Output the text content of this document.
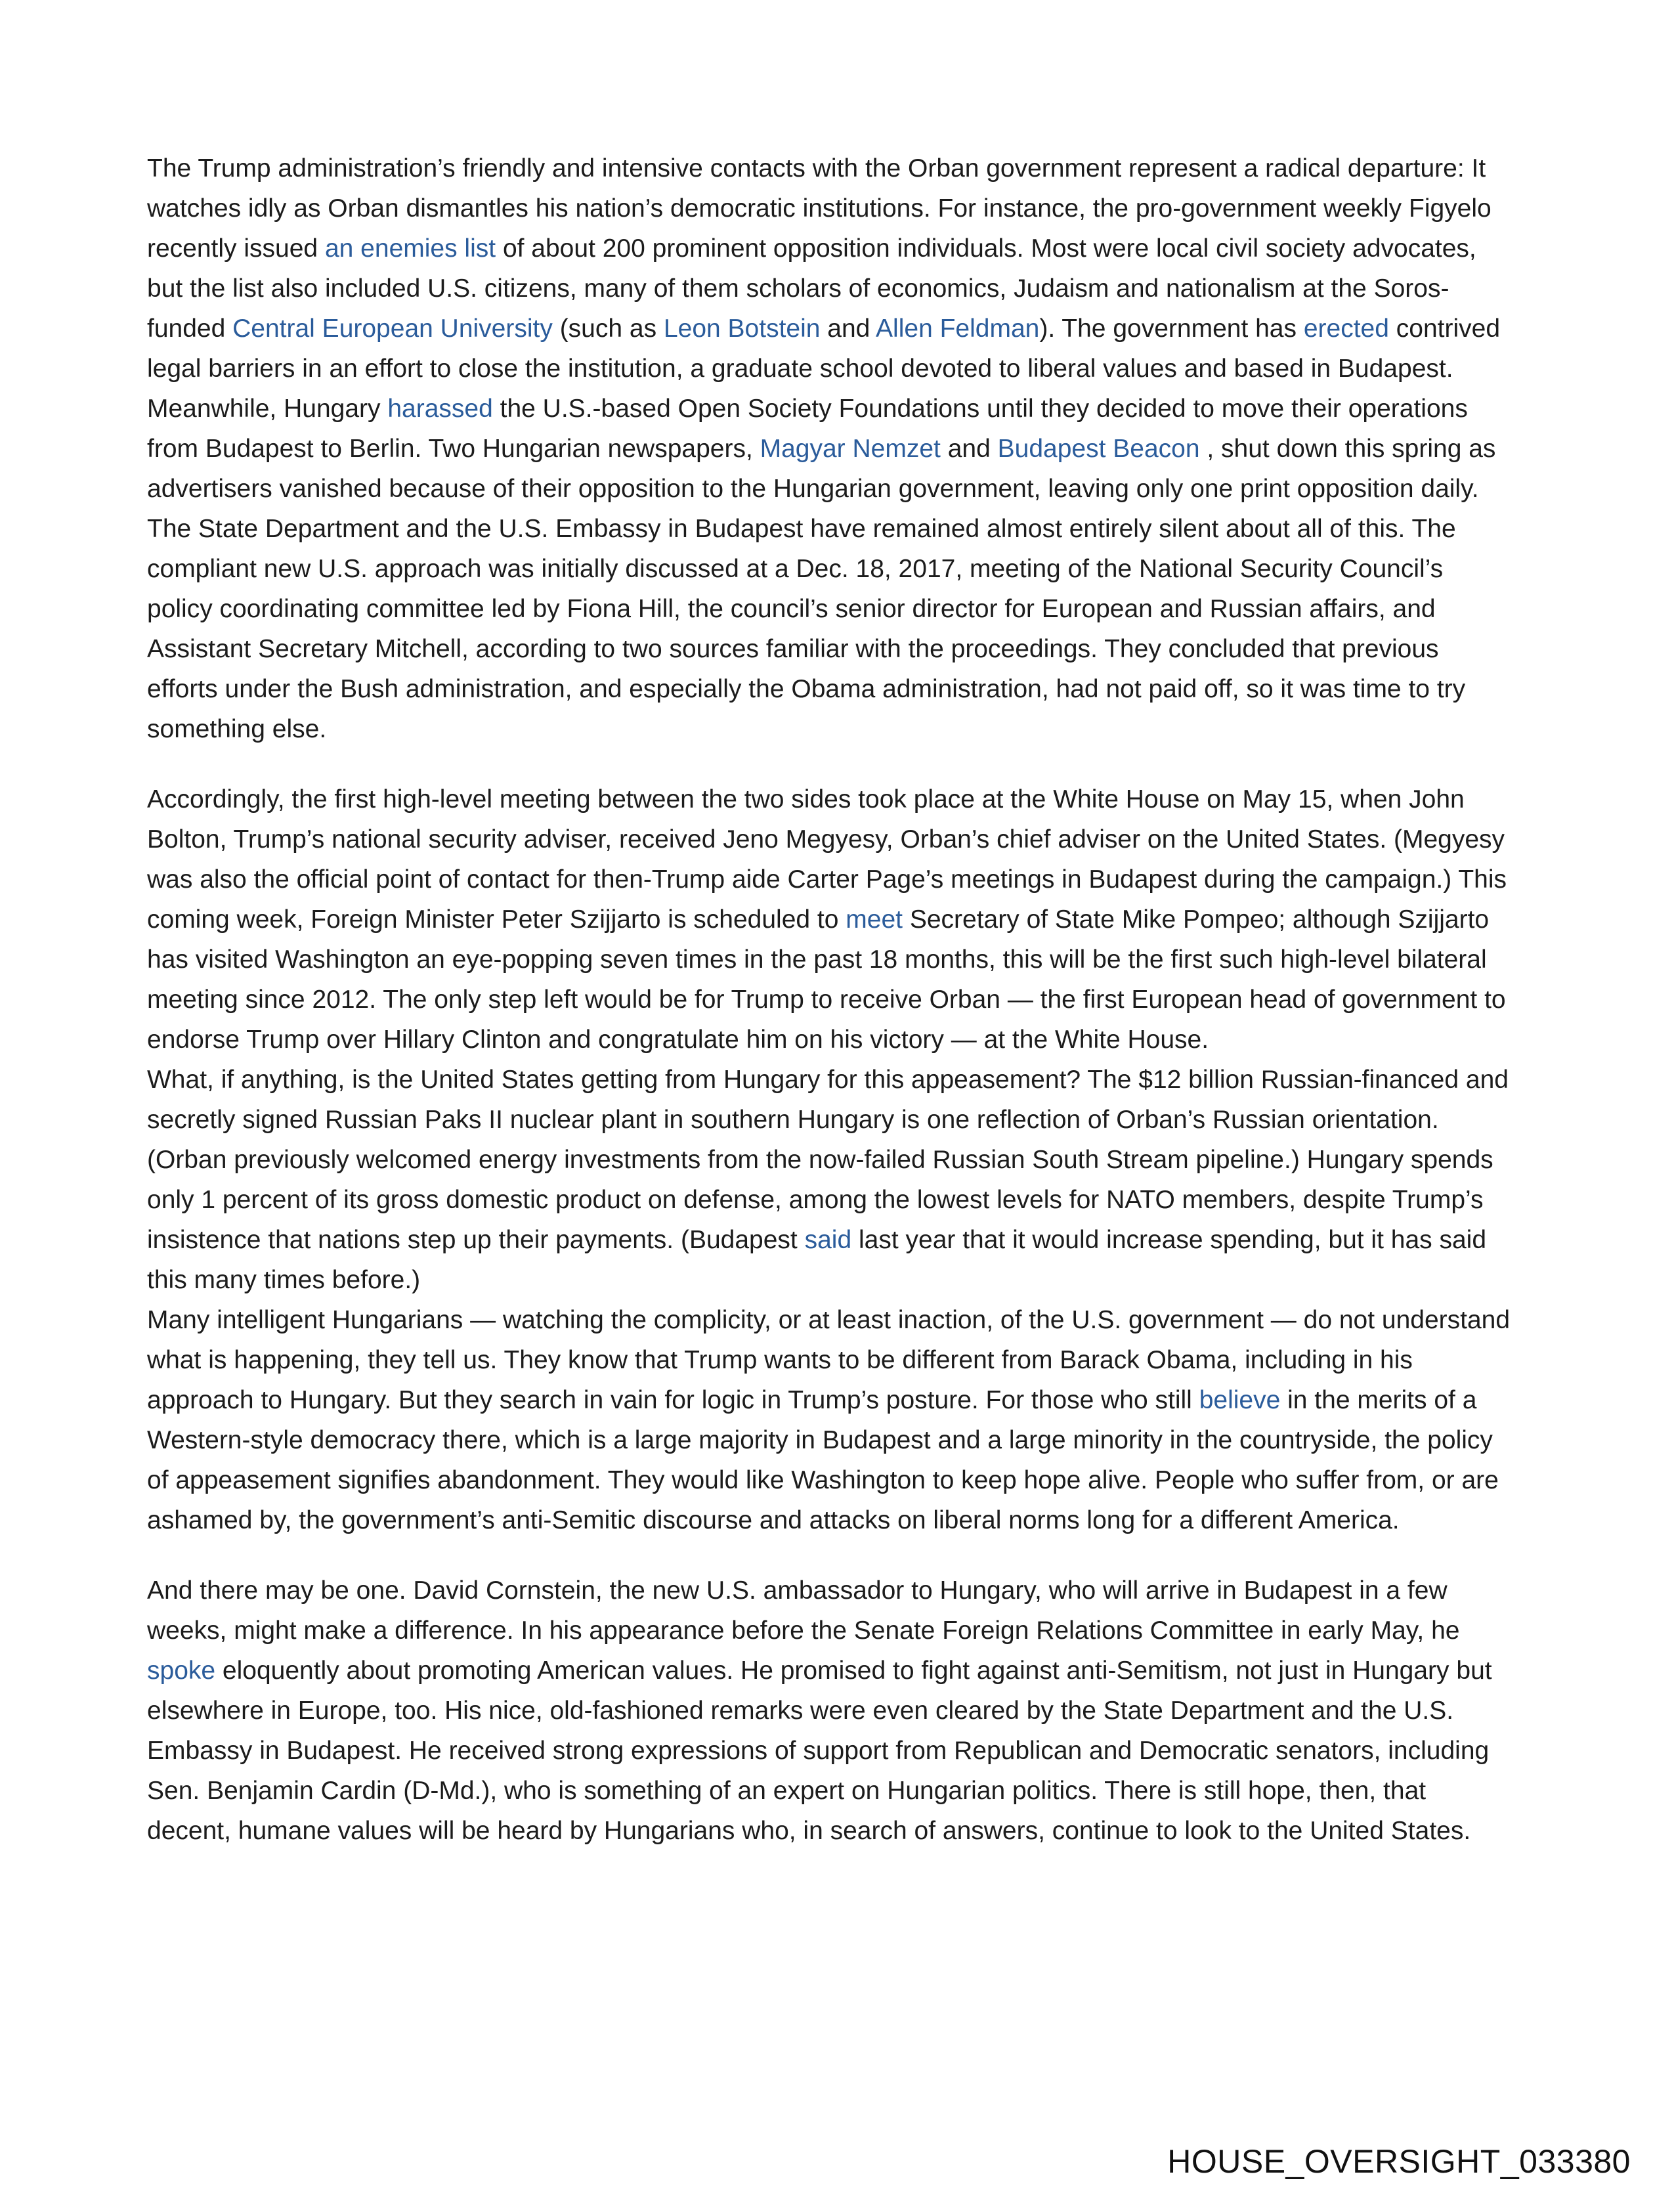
The Trump administration’s friendly and intensive contacts with the Orban government represent a radical departure: It watches idly as Orban dismantles his nation’s democratic institutions. For instance, the pro-government weekly Figyelo recently issued an enemies list of about 200 prominent opposition individuals. Most were local civil society advocates, but the list also included U.S. citizens, many of them scholars of economics, Judaism and nationalism at the Soros-funded Central European University (such as Leon Botstein and Allen Feldman). The government has erected contrived legal barriers in an effort to close the institution, a graduate school devoted to liberal values and based in Budapest. Meanwhile, Hungary harassed the U.S.-based Open Society Foundations until they decided to move their operations from Budapest to Berlin. Two Hungarian newspapers, Magyar Nemzet and Budapest Beacon , shut down this spring as advertisers vanished because of their opposition to the Hungarian government, leaving only one print opposition daily.

The State Department and the U.S. Embassy in Budapest have remained almost entirely silent about all of this. The compliant new U.S. approach was initially discussed at a Dec. 18, 2017, meeting of the National Security Council’s policy coordinating committee led by Fiona Hill, the council’s senior director for European and Russian affairs, and Assistant Secretary Mitchell, according to two sources familiar with the proceedings. They concluded that previous efforts under the Bush administration, and especially the Obama administration, had not paid off, so it was time to try something else.

Accordingly, the first high-level meeting between the two sides took place at the White House on May 15, when John Bolton, Trump’s national security adviser, received Jeno Megyesy, Orban’s chief adviser on the United States. (Megyesy was also the official point of contact for then-Trump aide Carter Page’s meetings in Budapest during the campaign.) This coming week, Foreign Minister Peter Szijjarto is scheduled to meet Secretary of State Mike Pompeo; although Szijjarto has visited Washington an eye-popping seven times in the past 18 months, this will be the first such high-level bilateral meeting since 2012. The only step left would be for Trump to receive Orban — the first European head of government to endorse Trump over Hillary Clinton and congratulate him on his victory — at the White House.

What, if anything, is the United States getting from Hungary for this appeasement? The $12 billion Russian-financed and secretly signed Russian Paks II nuclear plant in southern Hungary is one reflection of Orban’s Russian orientation. (Orban previously welcomed energy investments from the now-failed Russian South Stream pipeline.) Hungary spends only 1 percent of its gross domestic product on defense, among the lowest levels for NATO members, despite Trump’s insistence that nations step up their payments. (Budapest said last year that it would increase spending, but it has said this many times before.)

Many intelligent Hungarians — watching the complicity, or at least inaction, of the U.S. government — do not understand what is happening, they tell us. They know that Trump wants to be different from Barack Obama, including in his approach to Hungary. But they search in vain for logic in Trump’s posture. For those who still believe in the merits of a Western-style democracy there, which is a large majority in Budapest and a large minority in the countryside, the policy of appeasement signifies abandonment. They would like Washington to keep hope alive. People who suffer from, or are ashamed by, the government’s anti-Semitic discourse and attacks on liberal norms long for a different America.

And there may be one. David Cornstein, the new U.S. ambassador to Hungary, who will arrive in Budapest in a few weeks, might make a difference. In his appearance before the Senate Foreign Relations Committee in early May, he spoke eloquently about promoting American values. He promised to fight against anti-Semitism, not just in Hungary but elsewhere in Europe, too. His nice, old-fashioned remarks were even cleared by the State Department and the U.S. Embassy in Budapest. He received strong expressions of support from Republican and Democratic senators, including Sen. Benjamin Cardin (D-Md.), who is something of an expert on Hungarian politics. There is still hope, then, that decent, humane values will be heard by Hungarians who, in search of answers, continue to look to the United States.

HOUSE_OVERSIGHT_033380
